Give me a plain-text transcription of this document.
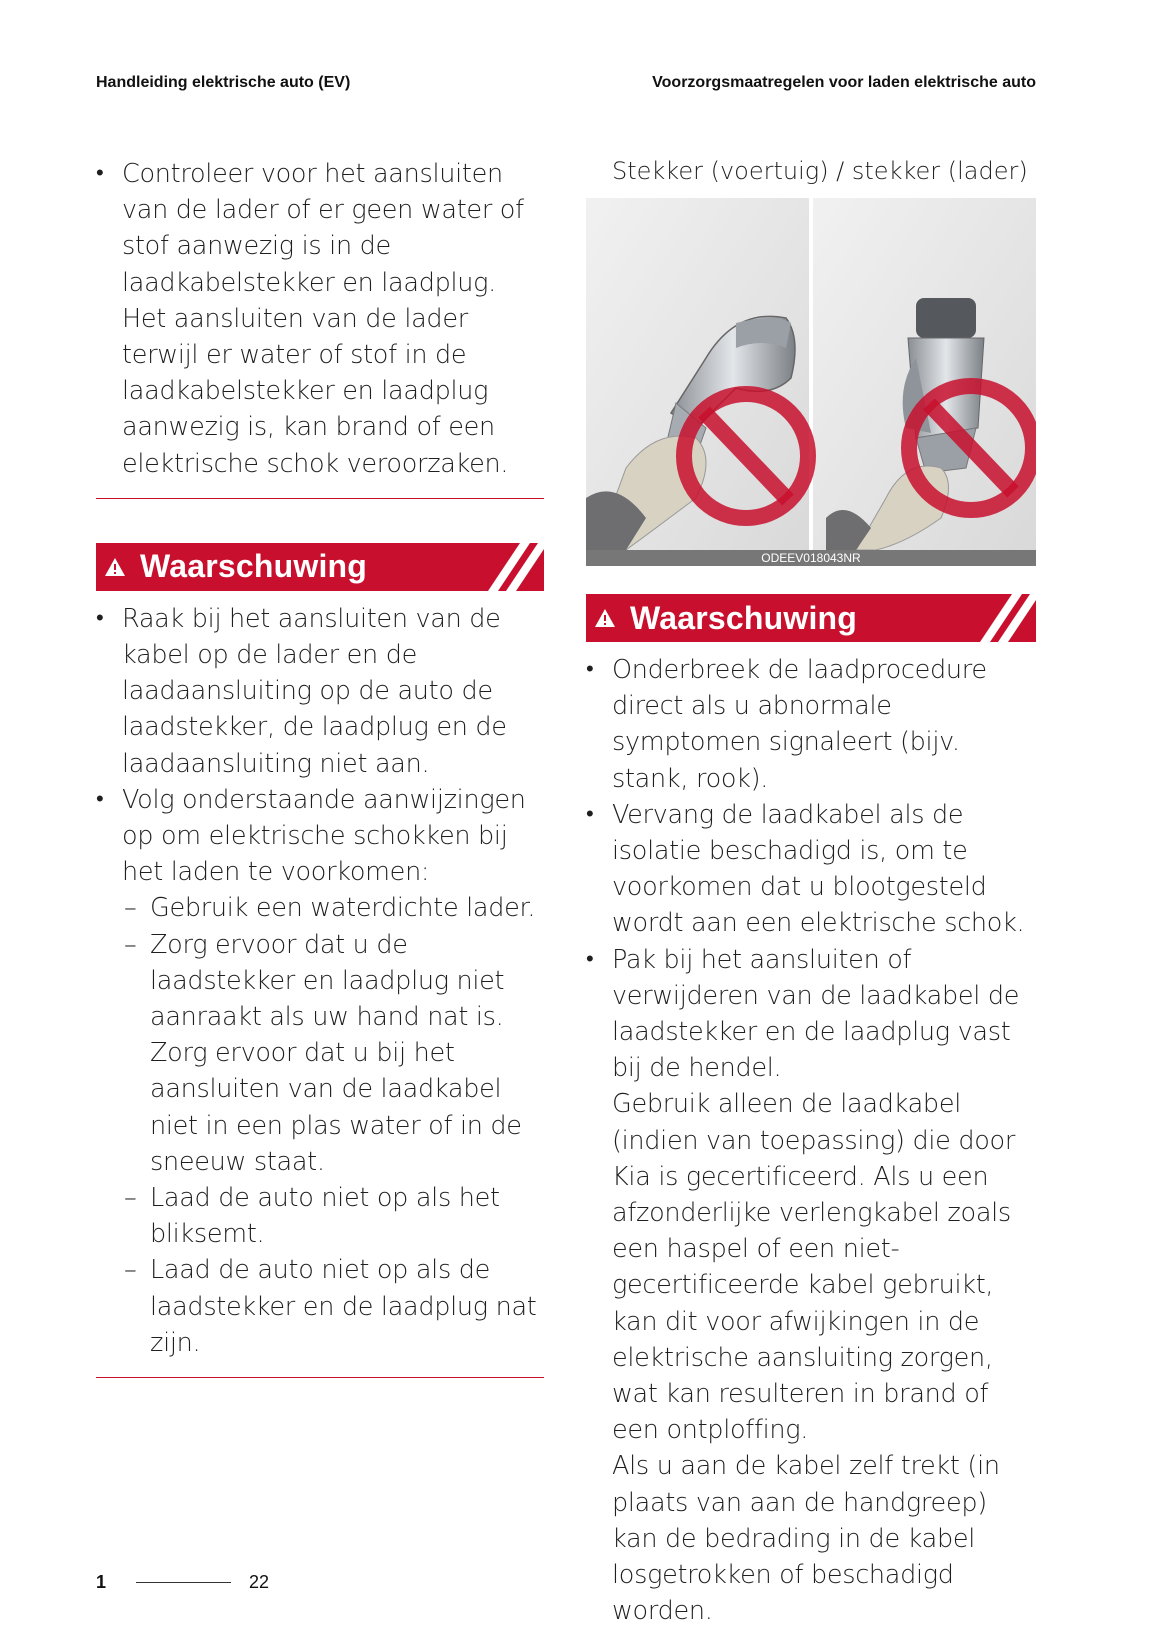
Handleiding elektrische auto (EV)	Voorzorgsmaatregelen voor laden elektrische auto

• Controleer voor het aansluiten van de lader of er geen water of stof aanwezig is in de laadkabelstekker en laadplug. Het aansluiten van de lader terwijl er water of stof in de laadkabelstekker en laadplug aanwezig is, kan brand of een elektrische schok veroorzaken.

Waarschuwing

• Raak bij het aansluiten van de kabel op de lader en de laadaansluiting op de auto de laadstekker, de laadplug en de laadaansluiting niet aan.

• Volg onderstaande aanwijzingen op om elektrische schokken bij het laden te voorkomen:

– Gebruik een waterdichte lader.

– Zorg ervoor dat u de laadstekker en laadplug niet aanraakt als uw hand nat is. Zorg ervoor dat u bij het aansluiten van de laadkabel niet in een plas water of in de sneeuw staat.

– Laad de auto niet op als het bliksemt.

– Laad de auto niet op als de laadstekker en de laadplug nat zijn.

Stekker (voertuig) / stekker (lader)
ODEEV018043NR
Waarschuwing

• Onderbreek de laadprocedure direct als u abnormale symptomen signaleert (bijv. stank, rook).

• Vervang de laadkabel als de isolatie beschadigd is, om te voorkomen dat u blootgesteld wordt aan een elektrische schok.

• Pak bij het aansluiten of verwijderen van de laadkabel de laadstekker en de laadplug vast bij de hendel.

Gebruik alleen de laadkabel (indien van toepassing) die door Kia is gecertificeerd. Als u een afzonderlijke verlengkabel zoals een haspel of een niet-gecertificeerde kabel gebruikt, kan dit voor afwijkingen in de elektrische aansluiting zorgen, wat kan resulteren in brand of een ontploffing.

Als u aan de kabel zelf trekt (in plaats van aan de handgreep) kan de bedrading in de kabel losgetrokken of beschadigd worden.

1	22
